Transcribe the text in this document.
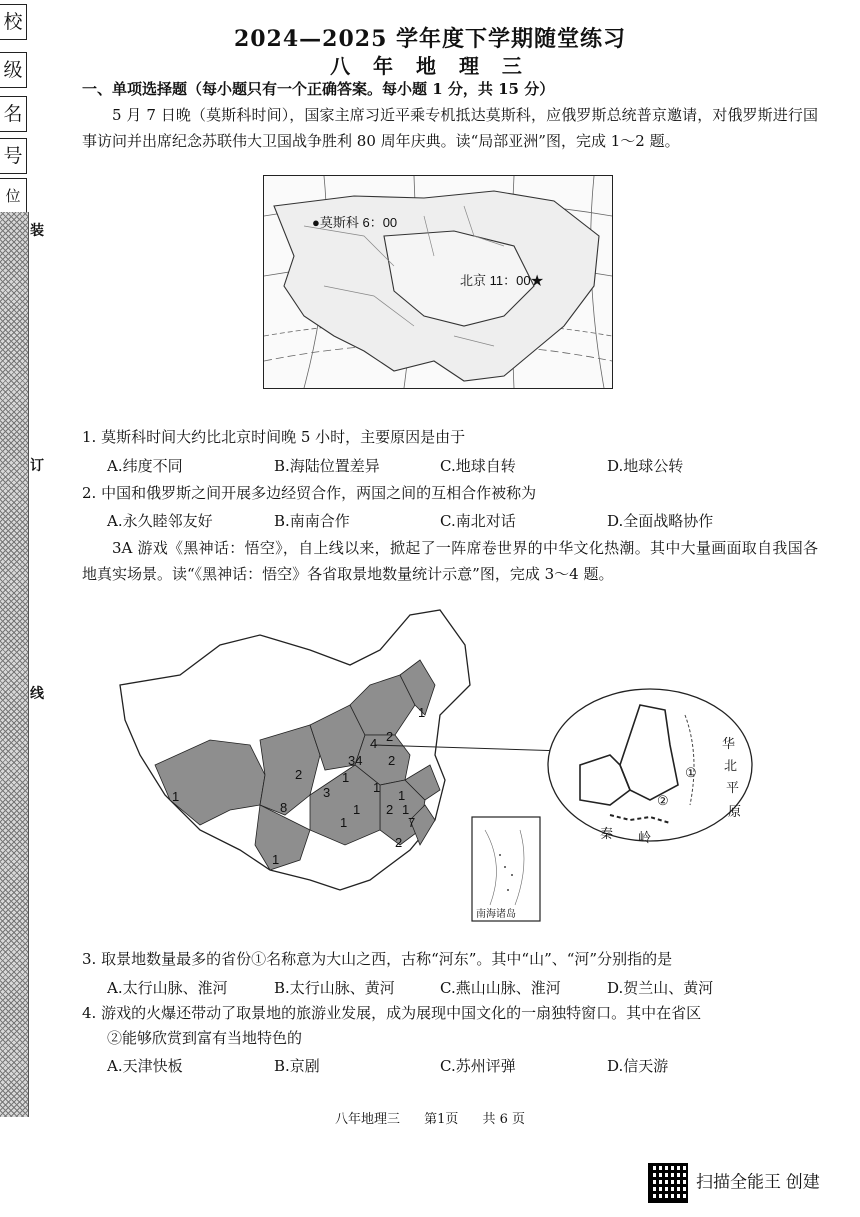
校
级
名
号
位
装
订
线
2024—2025 学年度下学期随堂练习
八 年 地 理 三
一、单项选择题（每小题只有一个正确答案。每小题 1 分，共 15 分）
5 月 7 日晚（莫斯科时间），国家主席习近平乘专机抵达莫斯科，应俄罗斯总统普京邀请，对俄罗斯进行国事访问并出席纪念苏联伟大卫国战争胜利 80 周年庆典。读“局部亚洲”图，完成 1～2 题。
●莫斯科 6：00
北京 11：00★
1. 莫斯科时间大约比北京时间晚 5 小时，主要原因是由于
A.纬度不同	B.海陆位置差异	C.地球自转	D.地球公转
2. 中国和俄罗斯之间开展多边经贸合作，两国之间的互相合作被称为
A.永久睦邻友好	B.南南合作	C.南北对话	D.全面战略协作
3A 游戏《黑神话：悟空》，自上线以来，掀起了一阵席卷世界的中华文化热潮。其中大量画面取自我国各地真实场景。读“《黑神话：悟空》各省取景地数量统计示意”图，完成 3～4 题。
1
4 2
34 2
2	1
3	1
1
8
1	1
2 1
7
2
1
1
南海诸岛
华
北
平
原
①
②
秦 岭
3. 取景地数量最多的省份①名称意为大山之西，古称“河东”。其中“山”、“河”分别指的是
A.太行山脉、淮河	B.太行山脉、黄河	C.燕山山脉、淮河	D.贺兰山、黄河
4. 游戏的火爆还带动了取景地的旅游业发展，成为展现中国文化的一扇独特窗口。其中在省区
②能够欣赏到富有当地特色的
A.天津快板	B.京剧	C.苏州评弹	D.信天游
八年地理三 第1页 共 6 页
扫描全能王 创建
